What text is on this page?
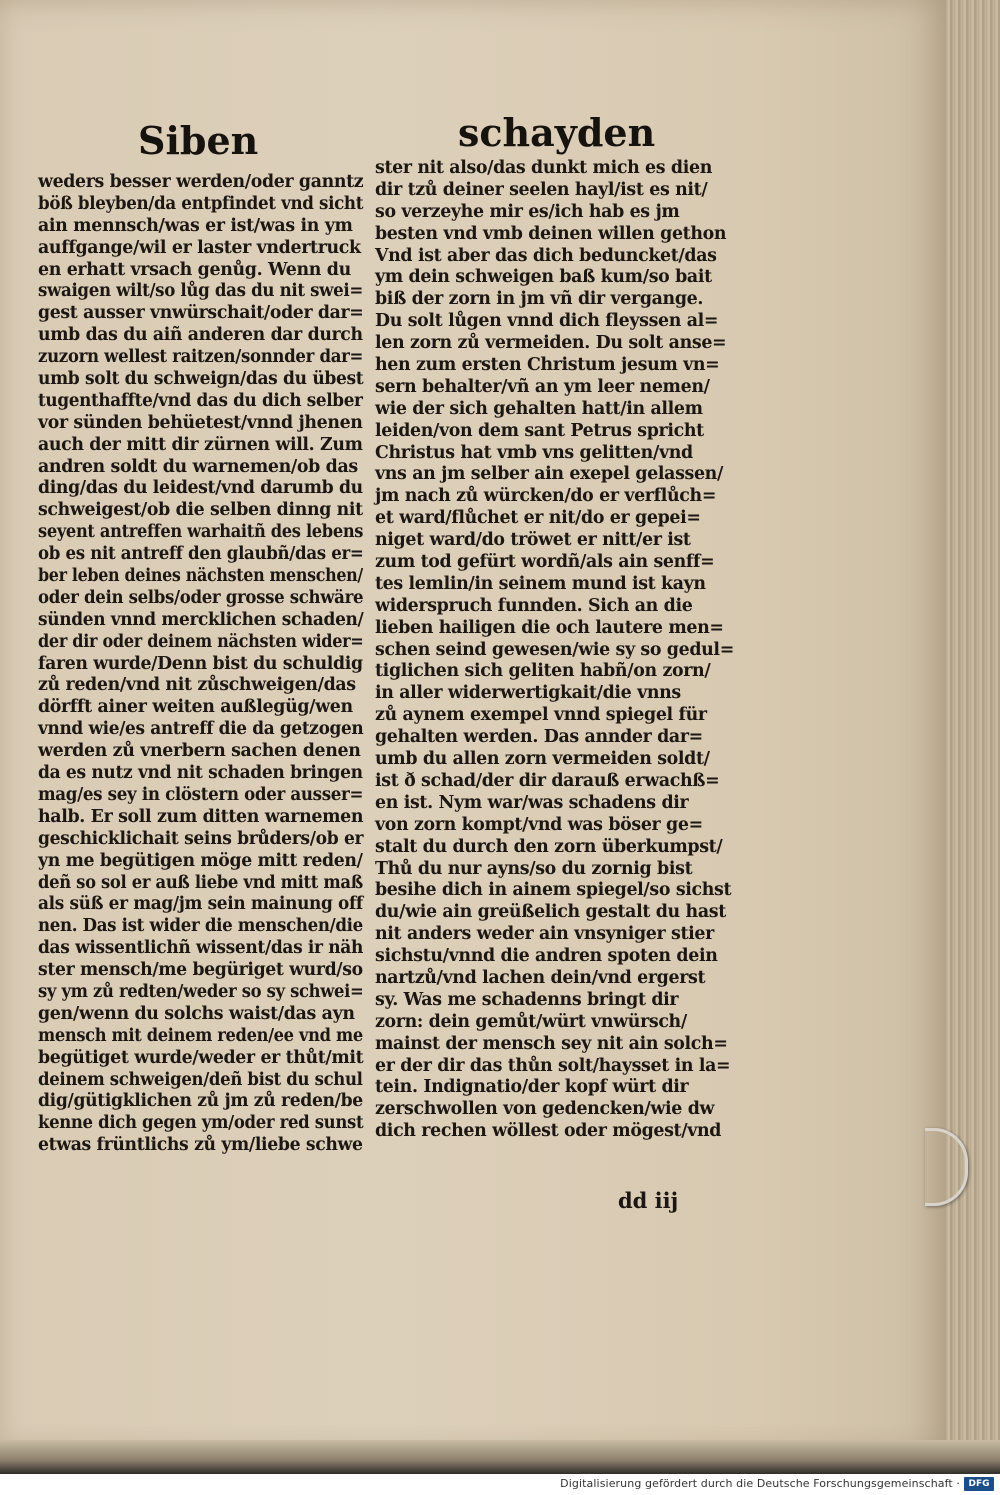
Siben	schayden
weders besser werden/oder ganntz
böß bleyben/da entpfindet vnd sicht
ain mennsch/was er ist/was in ym
auffgange/wil er laster vndertruck
en erhatt vrsach genůg. Wenn du
swaigen wilt/so lůg das du nit swei=
gest ausser vnwürschait/oder dar=
umb das du aiñ anderen dar durch
zuzorn wellest raitzen/sonnder dar=
umb solt du schweign/das du übest
tugenthaffte/vnd das du dich selber
vor sünden behüetest/vnnd jhenen
auch der mitt dir zürnen will. Zum
andren soldt du warnemen/ob das
ding/das du leidest/vnd darumb du
schweigest/ob die selben dinng nit
seyent antreffen warhaitñ des lebens
ob es nit antreff den glaubñ/das er=
ber leben deines nächsten menschen/
oder dein selbs/oder grosse schwäre
sünden vnnd mercklichen schaden/
der dir oder deinem nächsten wider=
faren wurde/Denn bist du schuldig
zů reden/vnd nit zůschweigen/das
dörfft ainer weiten außlegüg/wen
vnnd wie/es antreff die da getzogen
werden zů vnerbern sachen denen
da es nutz vnd nit schaden bringen
mag/es sey in clöstern oder ausser=
halb. Er soll zum ditten warnemen
geschicklichait seins brůders/ob er
yn me begütigen möge mitt reden/
deñ so sol er auß liebe vnd mitt maß
als süß er mag/jm sein mainung off
nen. Das ist wider die menschen/die
das wissentlichñ wissent/das ir näh
ster mensch/me begüriget wurd/so
sy ym zů redten/weder so sy schwei=
gen/wenn du solchs waist/das ayn
mensch mit deinem reden/ee vnd me
begütiget wurde/weder er thůt/mit
deinem schweigen/deñ bist du schul
dig/gütigklichen zů jm zů reden/be
kenne dich gegen ym/oder red sunst
etwas früntlichs zů ym/liebe schwe
ster nit also/das dunkt mich es dien
dir tzů deiner seelen hayl/ist es nit/
so verzeyhe mir es/ich hab es jm
besten vnd vmb deinen willen gethon
Vnd ist aber das dich beduncket/das
ym dein schweigen baß kum/so bait
biß der zorn in jm vñ dir vergange.
Du solt lůgen vnnd dich fleyssen al=
len zorn zů vermeiden. Du solt anse=
hen zum ersten Christum jesum vn=
sern behalter/vñ an ym leer nemen/
wie der sich gehalten hatt/in allem
leiden/von dem sant Petrus spricht
Christus hat vmb vns gelitten/vnd
vns an jm selber ain exepel gelassen/
jm nach zů würcken/do er verflůch=
et ward/flůchet er nit/do er gepei=
niget ward/do tröwet er nitt/er ist
zum tod gefürt wordñ/als ain senff=
tes lemlin/in seinem mund ist kayn
widerspruch funnden. Sich an die
lieben hailigen die och lautere men=
schen seind gewesen/wie sy so gedul=
tiglichen sich geliten habñ/on zorn/
in aller widerwertigkait/die vnns
zů aynem exempel vnnd spiegel für
gehalten werden. Das annder dar=
umb du allen zorn vermeiden soldt/
ist ð schad/der dir darauß erwachß=
en ist. Nym war/was schadens dir
von zorn kompt/vnd was böser ge=
stalt du durch den zorn überkumpst/
Thů du nur ayns/so du zornig bist
besihe dich in ainem spiegel/so sichst
du/wie ain greüßelich gestalt du hast
nit anders weder ain vnsyniger stier
sichstu/vnnd die andren spoten dein
nartzů/vnd lachen dein/vnd ergerst
sy. Was me schadenns bringt dir
zorn: dein gemůt/würt vnwürsch/
mainst der mensch sey nit ain solch=
er der dir das thůn solt/haysset in la=
tein. Indignatio/der kopf würt dir
zerschwollen von gedencken/wie dw
dich rechen wöllest oder mögest/vnd
dd iij
Digitalisierung gefördert durch die Deutsche Forschungsgemeinschaft · DFG
